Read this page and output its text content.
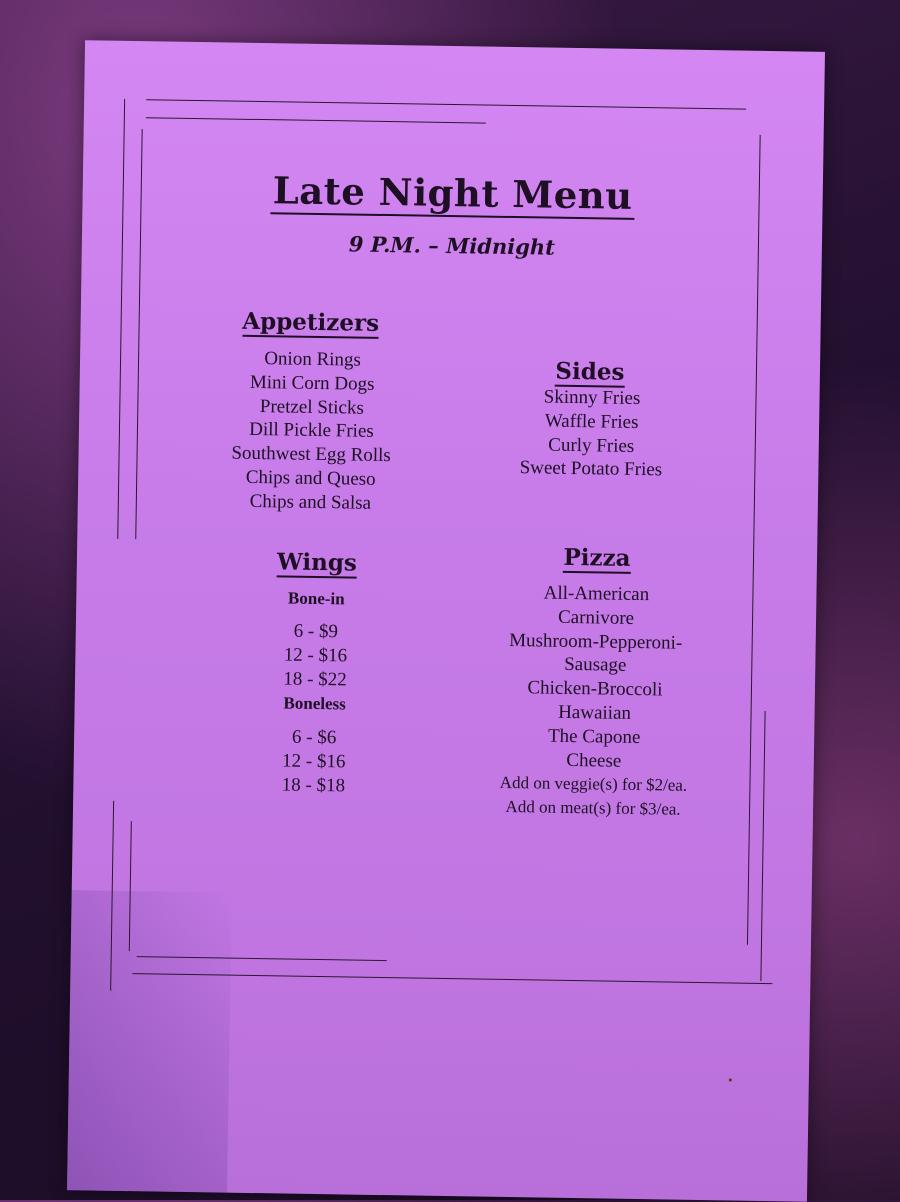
Late Night Menu
9 P.M. – Midnight
Appetizers
Onion Rings
Mini Corn Dogs
Pretzel Sticks
Dill Pickle Fries
Southwest Egg Rolls
Chips and Queso
Chips and Salsa
Sides
Skinny Fries
Waffle Fries
Curly Fries
Sweet Potato Fries
Wings
Bone-in
6 - $9
12 - $16
18 - $22
Boneless
6 - $6
12 - $16
18 - $18
Pizza
All-American
Carnivore
Mushroom-Pepperoni-
Sausage
Chicken-Broccoli
Hawaiian
The Capone
Cheese
Add on veggie(s) for $2/ea.
Add on meat(s) for $3/ea.
